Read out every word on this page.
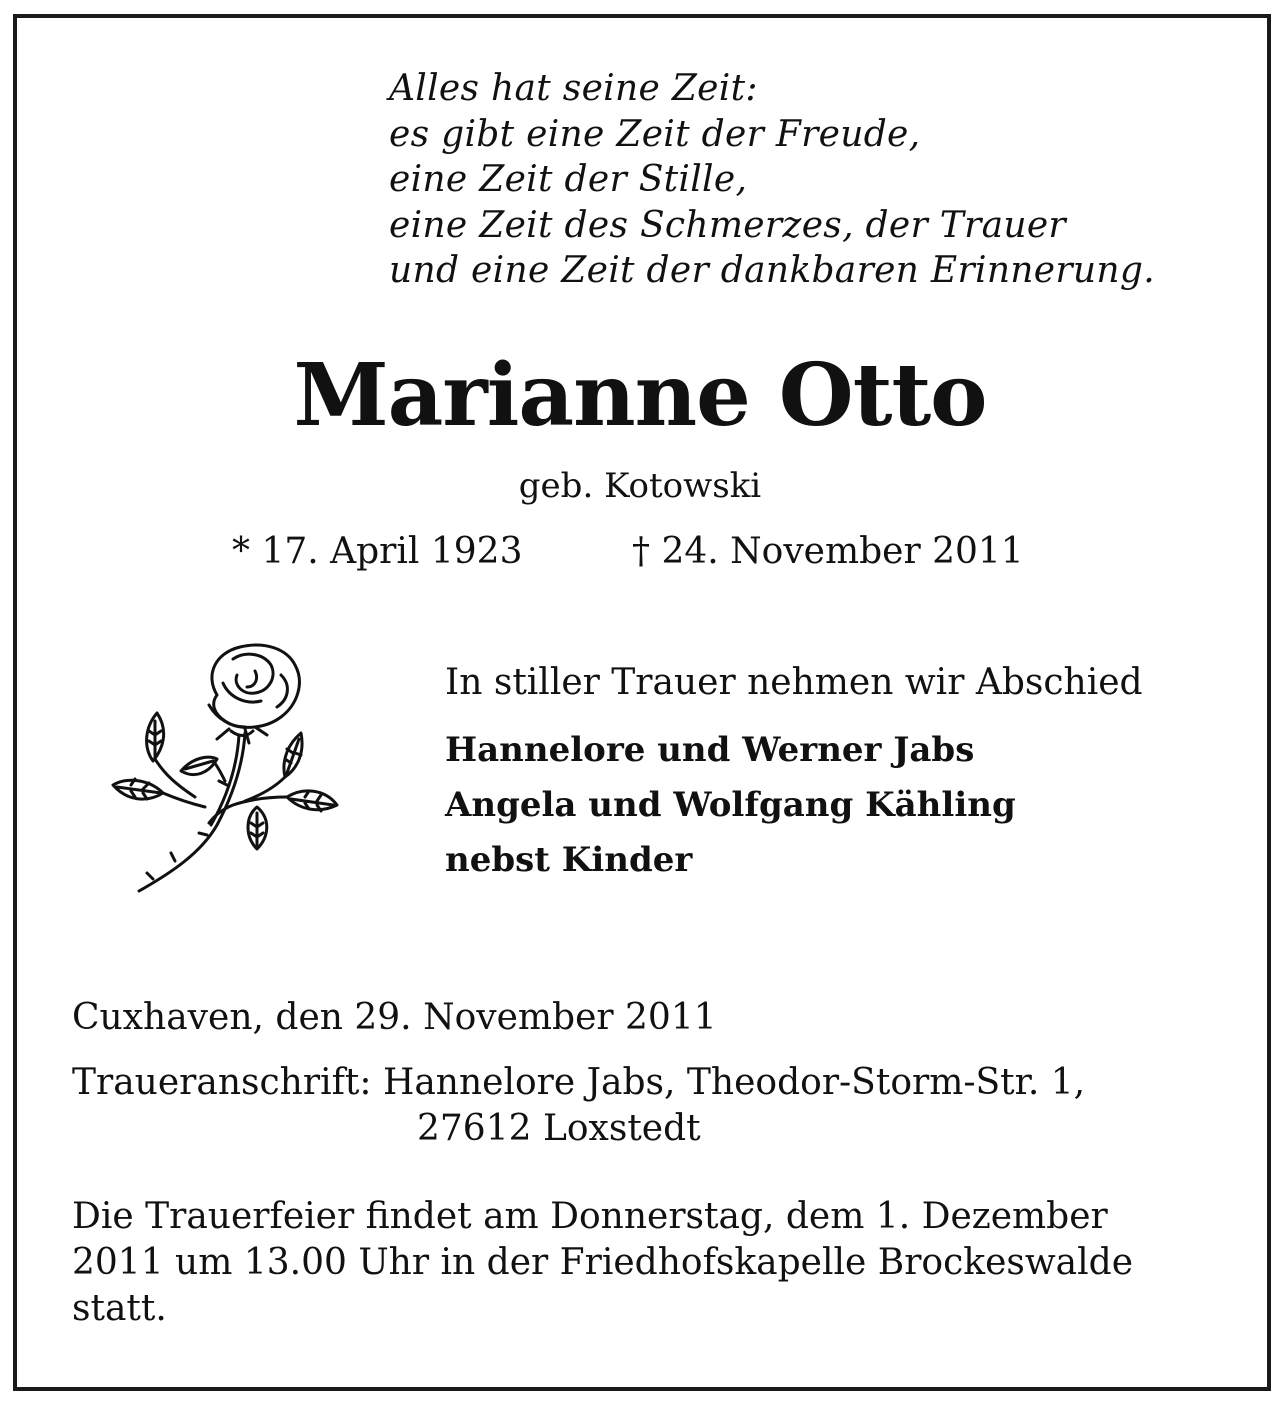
Alles hat seine Zeit:
es gibt eine Zeit der Freude,
eine Zeit der Stille,
eine Zeit des Schmerzes, der Trauer
und eine Zeit der dankbaren Erinnerung.
Marianne Otto
geb. Kotowski
* 17. April 1923	† 24. November 2011
In stiller Trauer nehmen wir Abschied
Hannelore und Werner Jabs
Angela und Wolfgang Kähling
nebst Kinder
Cuxhaven, den 29. November 2011
Traueranschrift: Hannelore Jabs, Theodor-Storm-Str. 1,
27612 Loxstedt
Die Trauerfeier findet am Donnerstag, dem 1. Dezember
2011 um 13.00 Uhr in der Friedhofskapelle Brockeswalde
statt.
